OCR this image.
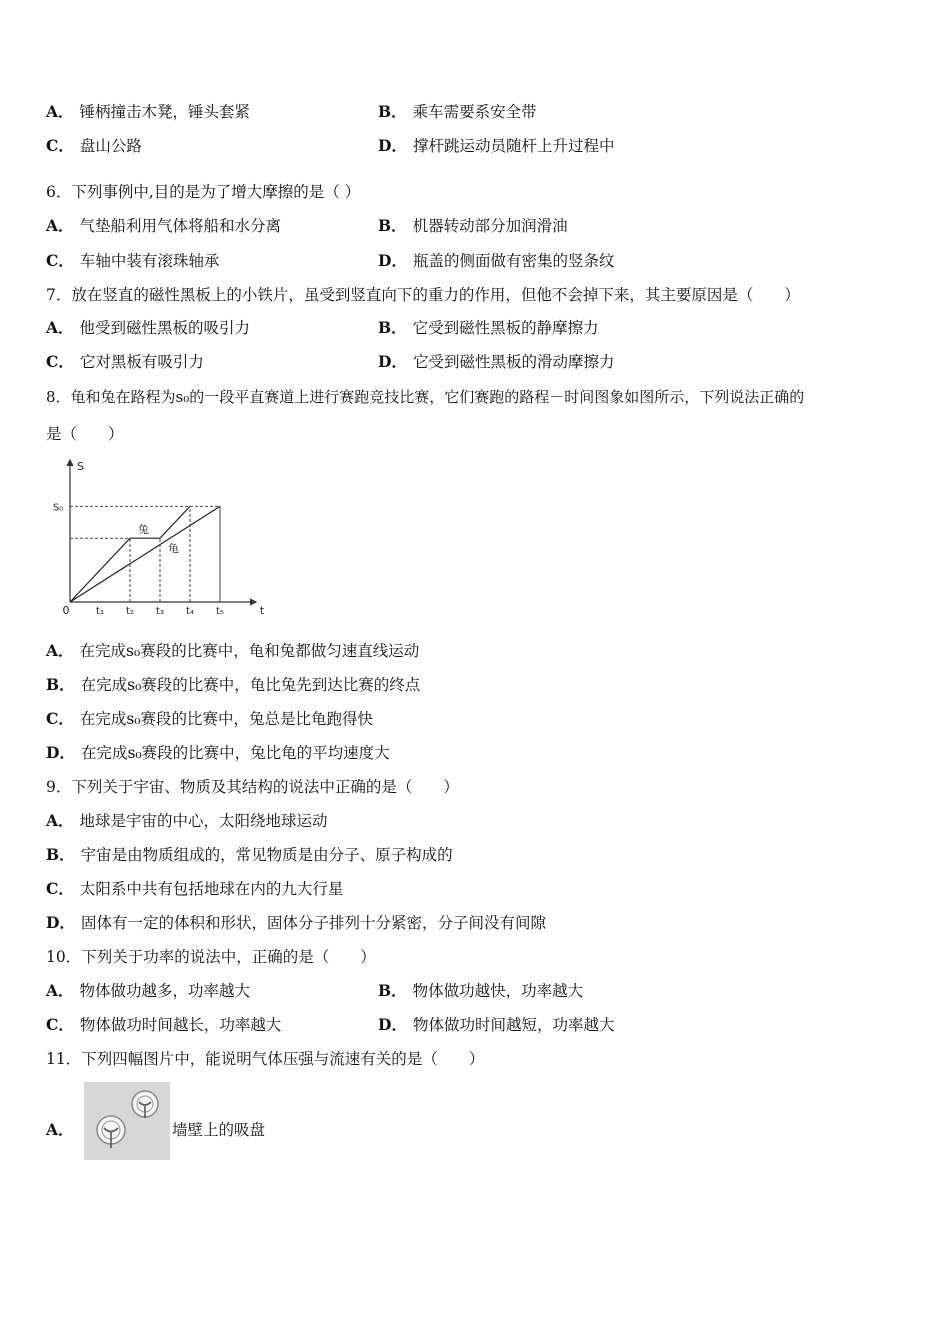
A． 锤柄撞击木凳，锤头套紧	B． 乘车需要系安全带
C． 盘山公路	D． 撑杆跳运动员随杆上升过程中
6．下列事例中,目的是为了增大摩擦的是（ ）
A． 气垫船利用气体将船和水分离	B． 机器转动部分加润滑油
C． 车轴中装有滚珠轴承	D． 瓶盖的侧面做有密集的竖条纹
7．放在竖直的磁性黑板上的小铁片，虽受到竖直向下的重力的作用，但他不会掉下来，其主要原因是（　　）
A． 他受到磁性黑板的吸引力	B． 它受到磁性黑板的静摩擦力
C． 它对黑板有吸引力	D． 它受到磁性黑板的滑动摩擦力
8．龟和兔在路程为s₀的一段平直赛道上进行赛跑竞技比赛，它们赛跑的路程－时间图象如图所示，下列说法正确的
是（　　）
S
t
0
兔
龟
t₁ t₂ t₃ t₄ t₅
S₀
A． 在完成s₀赛段的比赛中，龟和兔都做匀速直线运动
B． 在完成s₀赛段的比赛中，龟比兔先到达比赛的终点
C． 在完成s₀赛段的比赛中，兔总是比龟跑得快
D． 在完成s₀赛段的比赛中，兔比龟的平均速度大
9．下列关于宇宙、物质及其结构的说法中正确的是（　　）
A． 地球是宇宙的中心，太阳绕地球运动
B． 宇宙是由物质组成的，常见物质是由分子、原子构成的
C． 太阳系中共有包括地球在内的九大行星
D． 固体有一定的体积和形状，固体分子排列十分紧密，分子间没有间隙
10．下列关于功率的说法中，正确的是（　　）
A． 物体做功越多，功率越大	B． 物体做功越快，功率越大
C． 物体做功时间越长，功率越大	D． 物体做功时间越短，功率越大
11．下列四幅图片中，能说明气体压强与流速有关的是（　　）
A．	墙壁上的吸盘
